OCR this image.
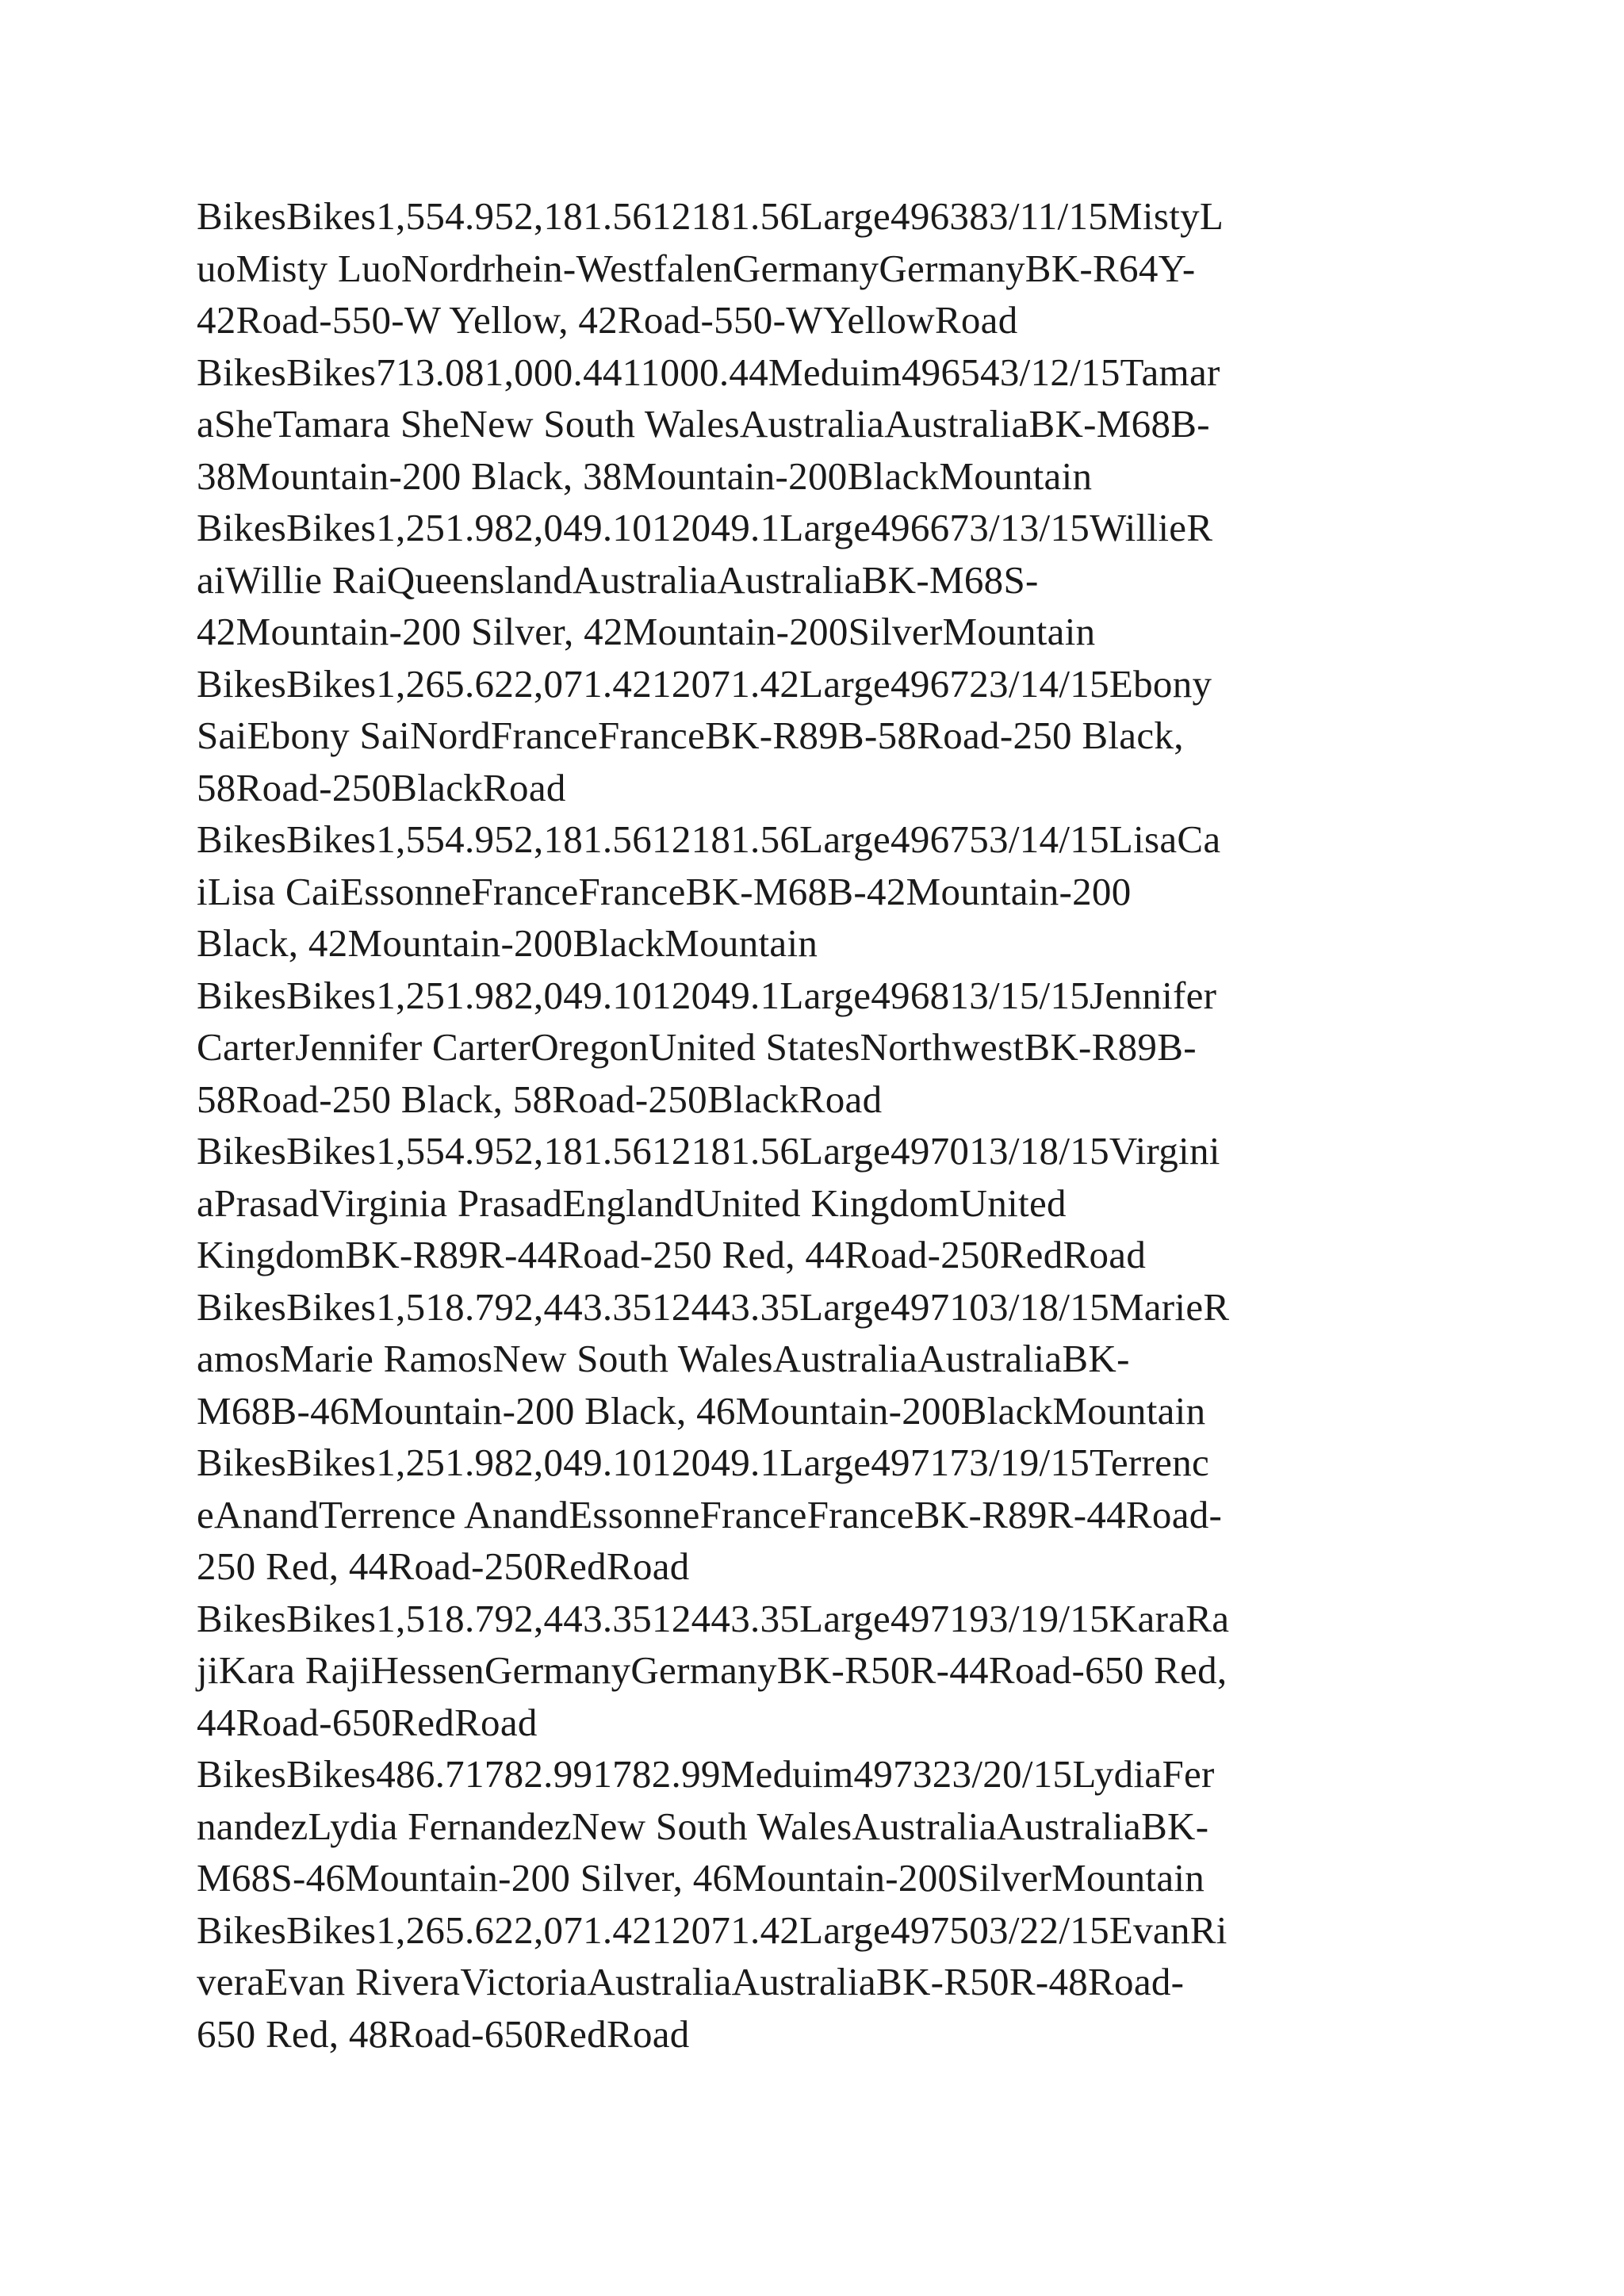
BikesBikes1,554.952,181.5612181.56Large496383/11/15MistyL
uoMisty LuoNordrhein-WestfalenGermanyGermanyBK-R64Y-
42Road-550-W Yellow, 42Road-550-WYellowRoad
BikesBikes713.081,000.4411000.44Meduim496543/12/15Tamar
aSheTamara SheNew South WalesAustraliaAustraliaBK-M68B-
38Mountain-200 Black, 38Mountain-200BlackMountain
BikesBikes1,251.982,049.1012049.1Large496673/13/15WillieR
aiWillie RaiQueenslandAustraliaAustraliaBK-M68S-
42Mountain-200 Silver, 42Mountain-200SilverMountain
BikesBikes1,265.622,071.4212071.42Large496723/14/15Ebony
SaiEbony SaiNordFranceFranceBK-R89B-58Road-250 Black,
58Road-250BlackRoad
BikesBikes1,554.952,181.5612181.56Large496753/14/15LisaCa
iLisa CaiEssonneFranceFranceBK-M68B-42Mountain-200
Black, 42Mountain-200BlackMountain
BikesBikes1,251.982,049.1012049.1Large496813/15/15Jennifer
CarterJennifer CarterOregonUnited StatesNorthwestBK-R89B-
58Road-250 Black, 58Road-250BlackRoad
BikesBikes1,554.952,181.5612181.56Large497013/18/15Virgini
aPrasadVirginia PrasadEnglandUnited KingdomUnited
KingdomBK-R89R-44Road-250 Red, 44Road-250RedRoad
BikesBikes1,518.792,443.3512443.35Large497103/18/15MarieR
amosMarie RamosNew South WalesAustraliaAustraliaBK-
M68B-46Mountain-200 Black, 46Mountain-200BlackMountain
BikesBikes1,251.982,049.1012049.1Large497173/19/15Terrenc
eAnandTerrence AnandEssonneFranceFranceBK-R89R-44Road-
250 Red, 44Road-250RedRoad
BikesBikes1,518.792,443.3512443.35Large497193/19/15KaraRa
jiKara RajiHessenGermanyGermanyBK-R50R-44Road-650 Red,
44Road-650RedRoad
BikesBikes486.71782.991782.99Meduim497323/20/15LydiaFer
nandezLydia FernandezNew South WalesAustraliaAustraliaBK-
M68S-46Mountain-200 Silver, 46Mountain-200SilverMountain
BikesBikes1,265.622,071.4212071.42Large497503/22/15EvanRi
veraEvan RiveraVictoriaAustraliaAustraliaBK-R50R-48Road-
650 Red, 48Road-650RedRoad
